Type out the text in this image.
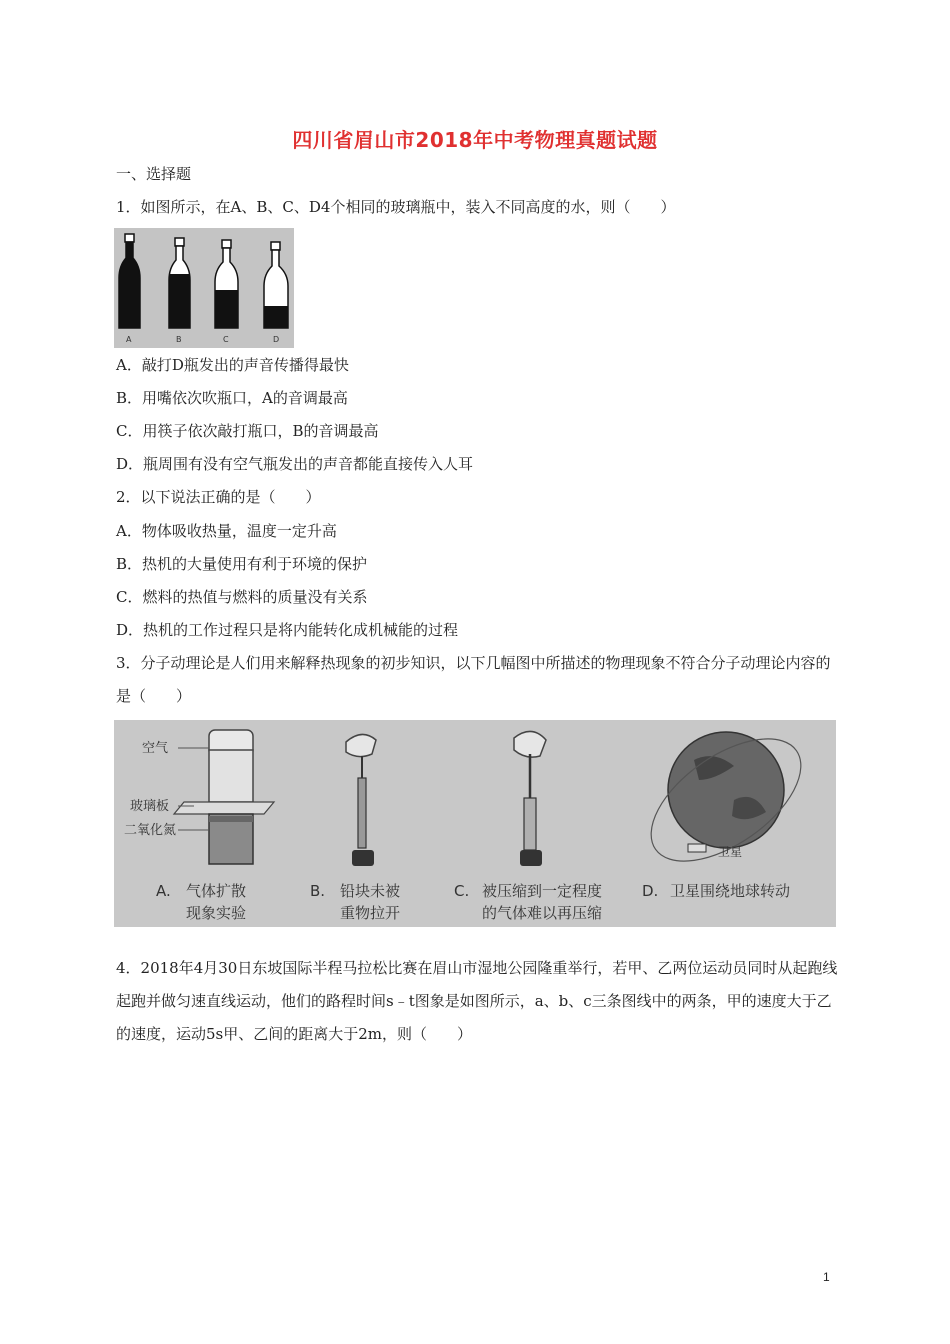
四川省眉山市2018年中考物理真题试题
一、选择题
1．如图所示，在A、B、C、D4个相同的玻璃瓶中，装入不同高度的水，则（　　）
A	B	C	D
A．敲打D瓶发出的声音传播得最快
B．用嘴依次吹瓶口，A的音调最高
C．用筷子依次敲打瓶口，B的音调最高
D．瓶周围有没有空气瓶发出的声音都能直接传入人耳
2．以下说法正确的是（　　）
A．物体吸收热量，温度一定升高
B．热机的大量使用有利于环境的保护
C．燃料的热值与燃料的质量没有关系
D．热机的工作过程只是将内能转化成机械能的过程
3．分子动理论是人们用来解释热现象的初步知识，以下几幅图中所描述的物理现象不符合分子动理论内容的是（　　）
空气
玻璃板
二氧化氮
卫星
A. 气体扩散
现象实验
B. 铅块未被
重物拉开
C. 被压缩到一定程度
的气体难以再压缩
D. 卫星围绕地球转动
4．2018年4月30日东坡国际半程马拉松比赛在眉山市湿地公园隆重举行，若甲、乙两位运动员同时从起跑线起跑并做匀速直线运动，他们的路程时间s﹣t图象是如图所示，a、b、c三条图线中的两条，甲的速度大于乙的速度，运动5s甲、乙间的距离大于2m，则（　　）
1
